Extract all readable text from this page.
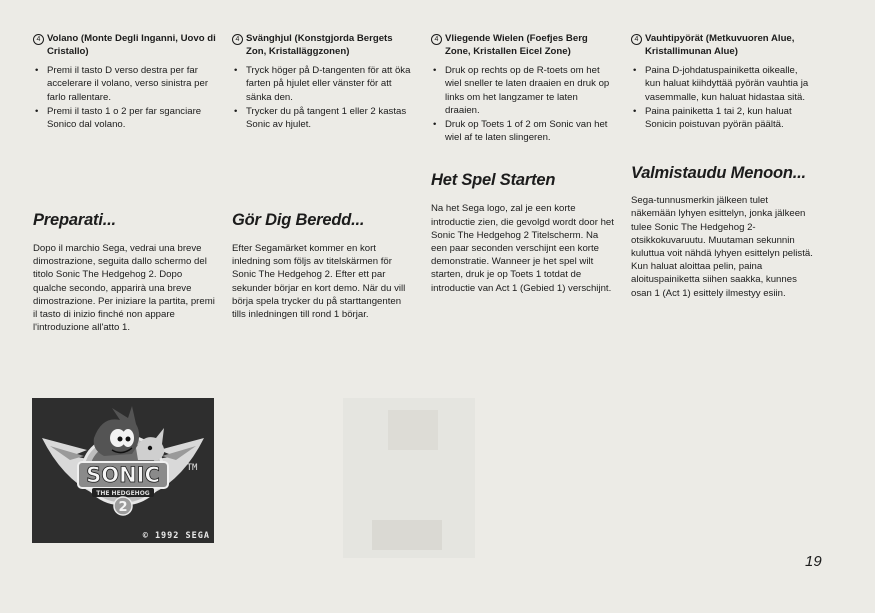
4 Volano (Monte Degli Inganni, Uovo di Cristallo)
• Premi il tasto D verso destra per far accelerare il volano, verso sinistra per farlo rallentare.
• Premi il tasto 1 o 2 per far sganciare Sonico dal volano.
Preparati...

Dopo il marchio Sega, vedrai una breve dimostrazione, seguita dallo schermo del titolo Sonic The Hedgehog 2. Dopo qualche secondo, apparirà una breve dimostrazione. Per iniziare la partita, premi il tasto di inizio finché non appare l'introduzione all'atto 1.

4 Svänghjul (Konstgjorda Bergets Zon, Kristalläggzonen)
• Tryck höger på D-tangenten för att öka farten på hjulet eller vänster för att sänka den.
• Trycker du på tangent 1 eller 2 kastas Sonic av hjulet.
Gör Dig Beredd...

Efter Segamärket kommer en kort inledning som följs av titelskärmen för Sonic The Hedgehog 2. Efter ett par sekunder börjar en kort demo. När du vill börja spela trycker du på starttangenten tills inledningen till rond 1 börjar.

4 Vliegende Wielen (Foefjes Berg Zone, Kristallen Eicel Zone)
• Druk op rechts op de R-toets om het wiel sneller te laten draaien en druk op links om het langzamer te laten draaien.
• Druk op Toets 1 of 2 om Sonic van het wiel af te laten slingeren.
Het Spel Starten

Na het Sega logo, zal je een korte introductie zien, die gevolgd wordt door het Sonic The Hedgehog 2 Titelscherm. Na een paar seconden verschijnt een korte demonstratie. Wanneer je het spel wilt starten, druk je op Toets 1 totdat de introductie van Act 1 (Gebied 1) verschijnt.

4 Vauhtipyörät (Metkuvuoren Alue, Kristallimunan Alue)
• Paina D-johdatuspainiketta oikealle, kun haluat kiihdyttää pyörän vauhtia ja vasemmalle, kun haluat hidastaa sitä.
• Paina painiketta 1 tai 2, kun haluat Sonicin poistuvan pyörän päältä.
Valmistaudu Menoon...

Sega-tunnusmerkin jälkeen tulet näkemään lyhyen esittelyn, jonka jälkeen tulee Sonic The Hedgehog 2-otsikkokuvaruutu. Muutaman sekunnin kuluttua voit nähdä lyhyen esittelyn pelistä. Kun haluat aloittaa pelin, paina aloituspainiketta siihen saakka, kunnes osan 1 (Act 1) esittely ilmestyy esiin.

SONIC
THE HEDGEHOG
2
TM
© 1992 SEGA
19
